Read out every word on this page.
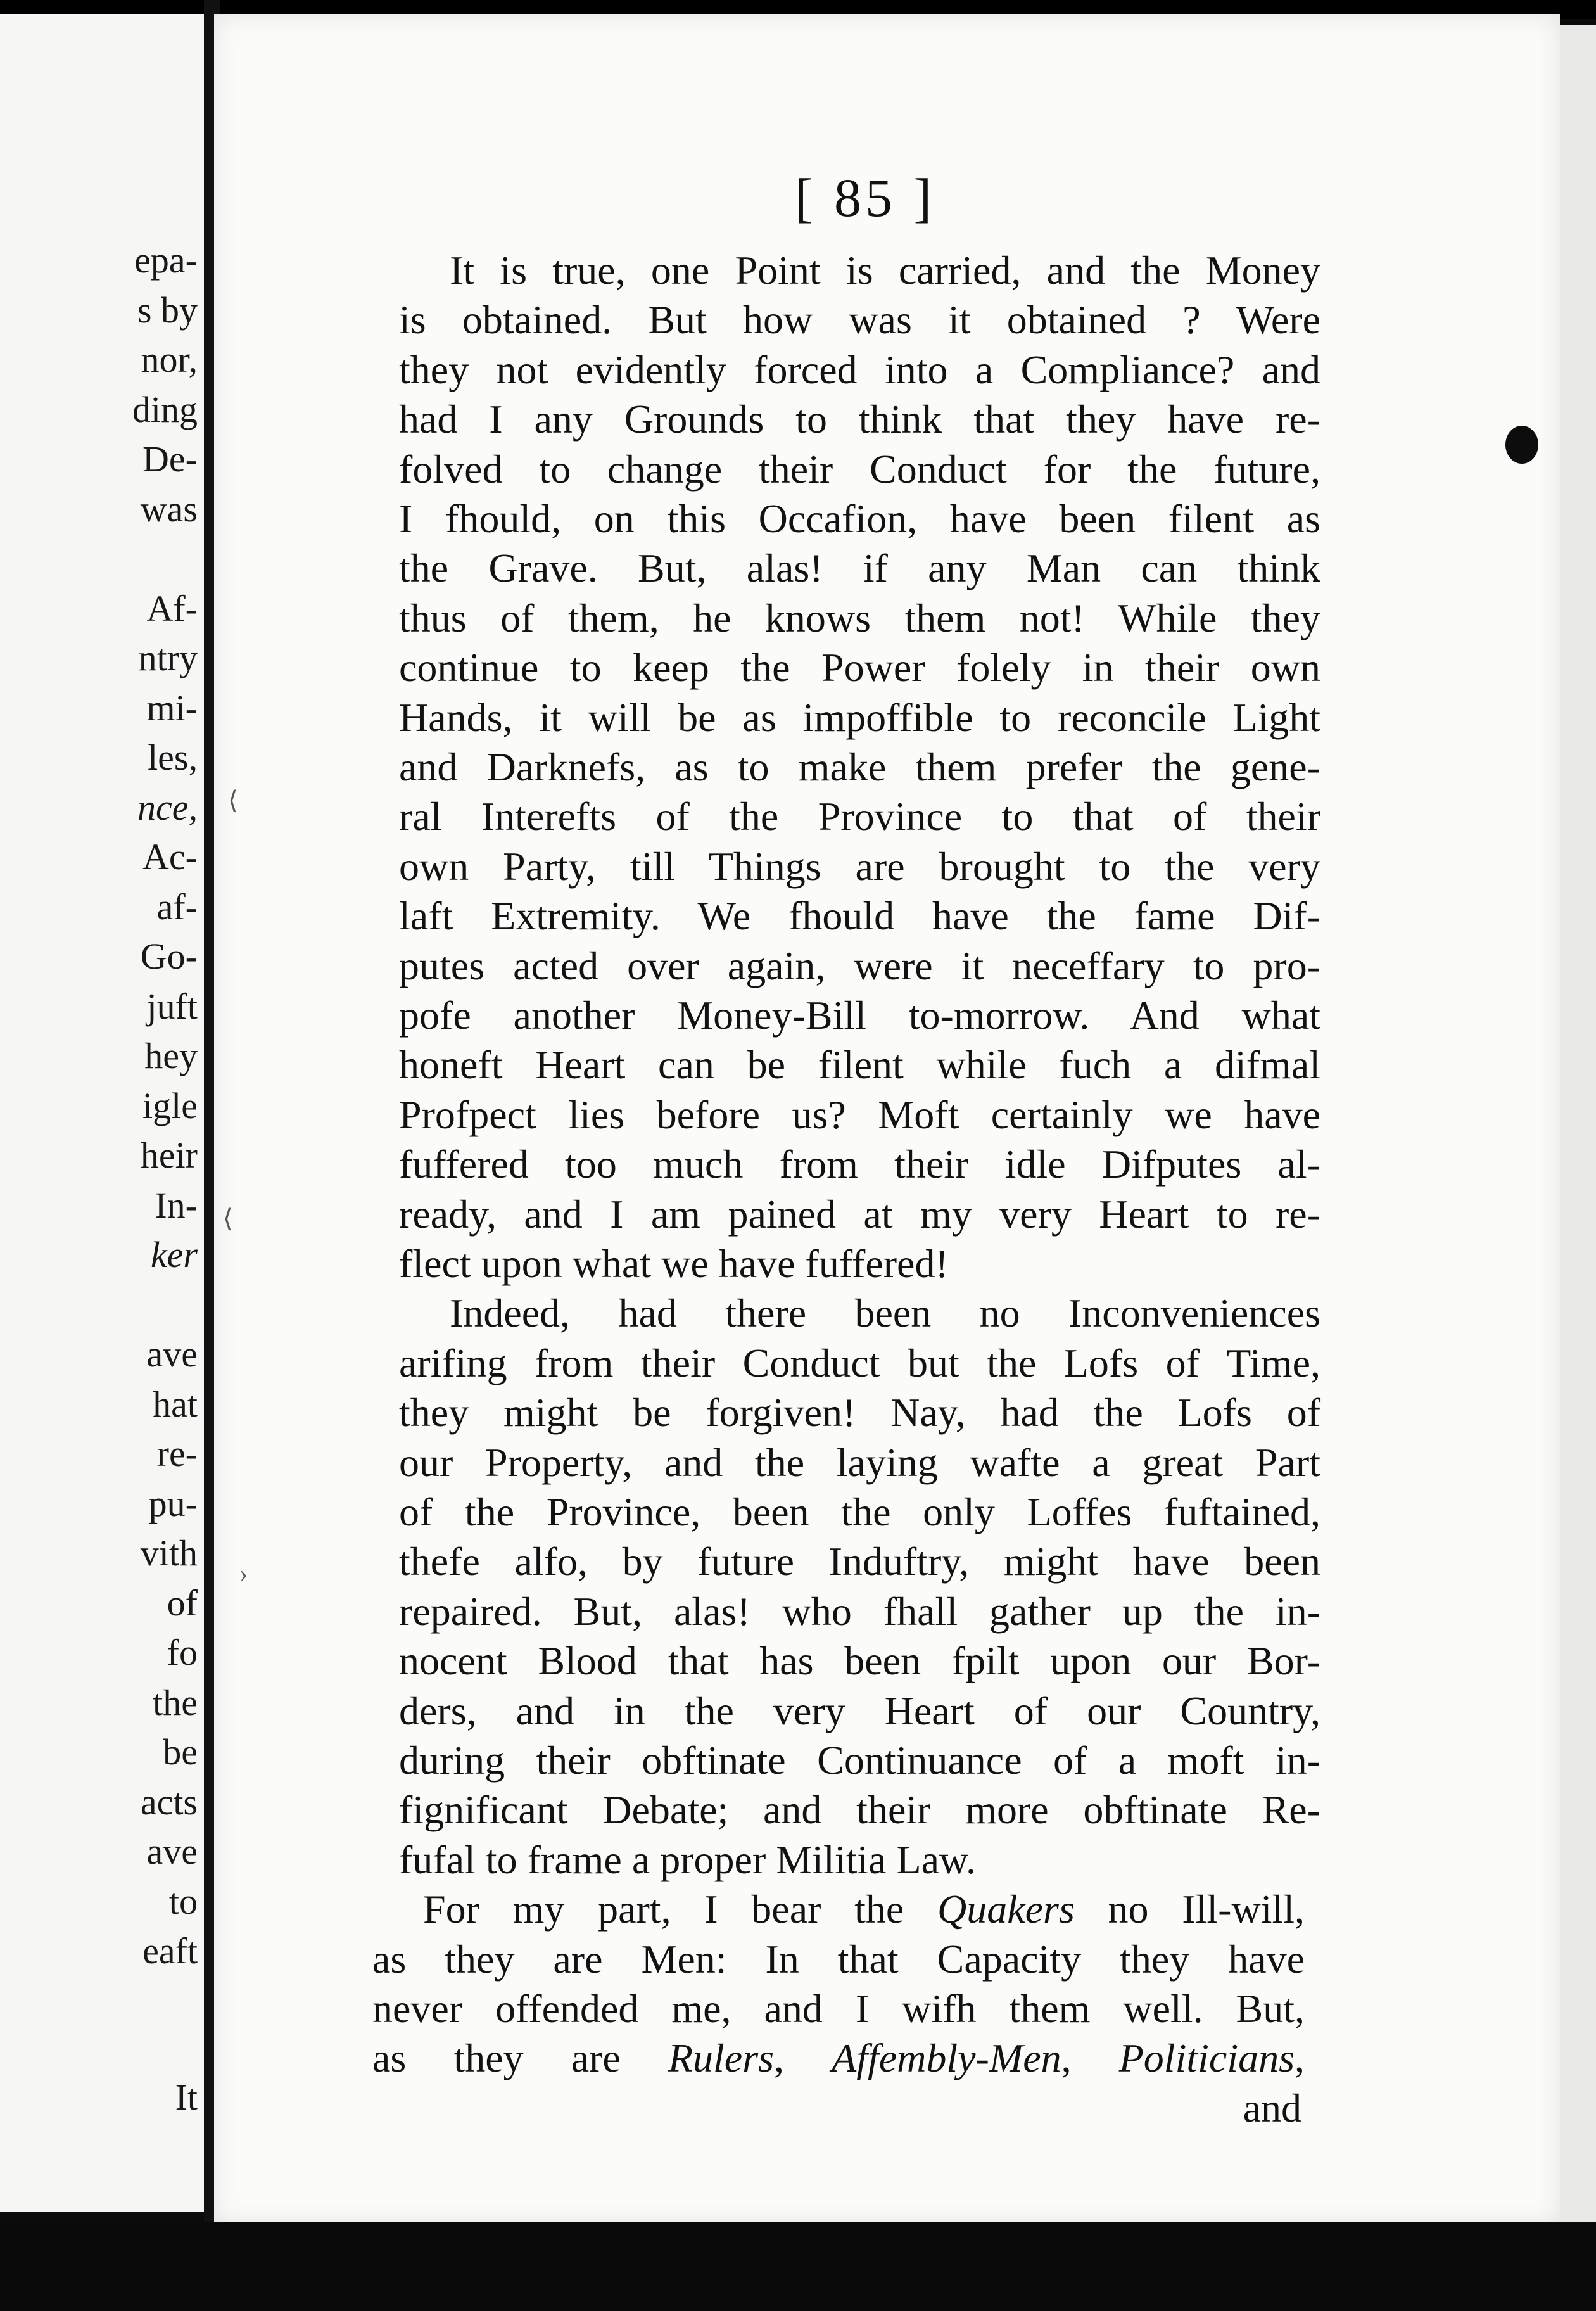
epa-
s by
nor,
ding
De-
was
Af-
ntry
mi-
les,
nce,
Ac-
af-
Go-
juft
hey
igle
heir
In-
ker
ave
hat
re-
pu-
vith
of
fo
the
be
acts
ave
to
eaft
It
[ 85 ]
It is true, one Point is carried, and the Money
is obtained. But how was it obtained ? Were
they not evidently forced into a Compliance? and
had I any Grounds to think that they have re-
folved to change their Conduct for the future,
I fhould, on this Occafion, have been filent as
the Grave. But, alas! if any Man can think
thus of them, he knows them not! While they
continue to keep the Power folely in their own
Hands, it will be as impoffible to reconcile Light
and Darknefs, as to make them prefer the gene-
ral Interefts of the Province to that of their
own Party, till Things are brought to the very
laft Extremity. We fhould have the fame Dif-
putes acted over again, were it neceffary to pro-
pofe another Money-Bill to-morrow. And what
honeft Heart can be filent while fuch a difmal
Profpect lies before us? Moft certainly we have
fuffered too much from their idle Difputes al-
ready, and I am pained at my very Heart to re-
flect upon what we have fuffered!
Indeed, had there been no Inconveniences
arifing from their Conduct but the Lofs of Time,
they might be forgiven! Nay, had the Lofs of
our Property, and the laying wafte a great Part
of the Province, been the only Loffes fuftained,
thefe alfo, by future Induftry, might have been
repaired. But, alas! who fhall gather up the in-
nocent Blood that has been fpilt upon our Bor-
ders, and in the very Heart of our Country,
during their obftinate Continuance of a moft in-
fignificant Debate; and their more obftinate Re-
fufal to frame a proper Militia Law.
For my part, I bear the Quakers no Ill-will,
as they are Men: In that Capacity they have
never offended me, and I wifh them well. But,
as they are Rulers, Affembly-Men, Politicians,
and
⟨
⟨
›
